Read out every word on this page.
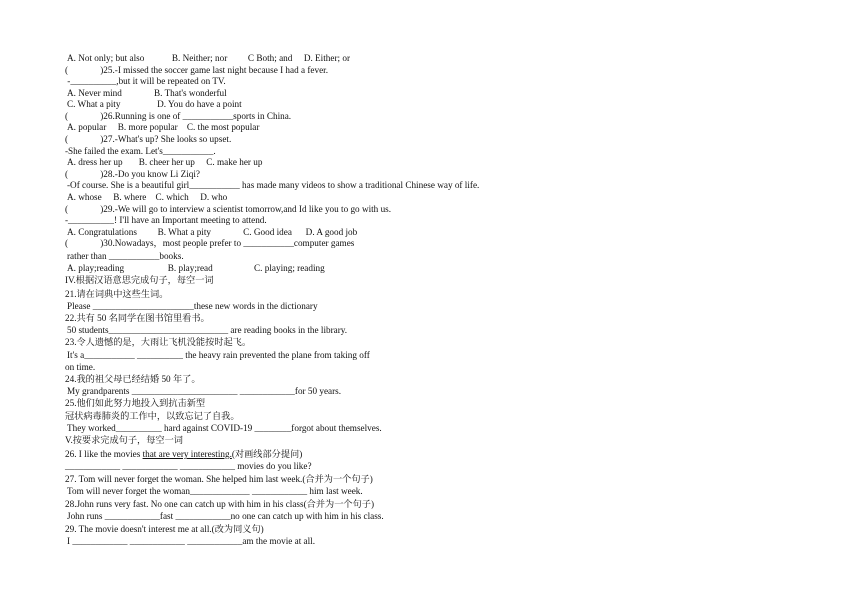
A. Not only; but also            B. Neither; nor         C Both; and     D. Either; or
(              )25.-I missed the soccer game last night because I had a fever.
-__________,but it will be repeated on TV.
A. Never mind              B. That's wonderful
C. What a pity                D. You do have a point
(              )26.Running is one of ___________sports in China.
A. popular     B. more popular    C. the most popular
(              )27.-What's up? She looks so upset.
-She failed the exam. Let's___________.
A. dress her up       B. cheer her up     C. make her up
(              )28.-Do you know Li Ziqi?
-Of course. She is a beautiful girl___________ has made many videos to show a traditional Chinese way of life.
A. whose     B. where    C. which     D. who
(              )29.-We will go to interview a scientist tomorrow,and Id like you to go with us.
-__________! I'll have an Important meeting to attend.
A. Congratulations         B. What a pity              C. Good idea      D. A good job
(              )30.Nowadays，most people prefer to ___________computer games
rather than ___________books.
A. play;reading                   B. play;read                  C. playing; reading
IV.根据汉语意思完成句子，每空一词
21.请在词典中这些生词。
Please ______________________these new words in the dictionary
22.共有 50 名同学在图书馆里看书。
50 students__________________________ are reading books in the library.
23.令人遗憾的是，大雨让飞机没能按时起飞。
It's a___________ __________ the heavy rain prevented the plane from taking off
on time.
24.我的祖父母已经结婚 50 年了。
My grandparents _______________________ ____________for 50 years.
25.他们如此努力地投入到抗击新型
冠状病毒肺炎的工作中，以致忘记了自我。
They worked__________ hard against COVID-19 ________forgot about themselves.
V.按要求完成句子，每空一词
26. I like the movies that are very interesting.(对画线部分提问)
____________ ____________ ____________ movies do you like?
27. Tom will never forget the woman. She helped him last week.(合并为一个句子)
Tom will never forget the woman_____________ ____________ him last week.
28.John runs very fast. No one can catch up with him in his class(合并为一个句子)
John runs ____________fast ____________no one can catch up with him in his class.
29. The movie doesn't interest me at all.(改为同义句)
I ____________ ____________ ____________am the movie at all.
